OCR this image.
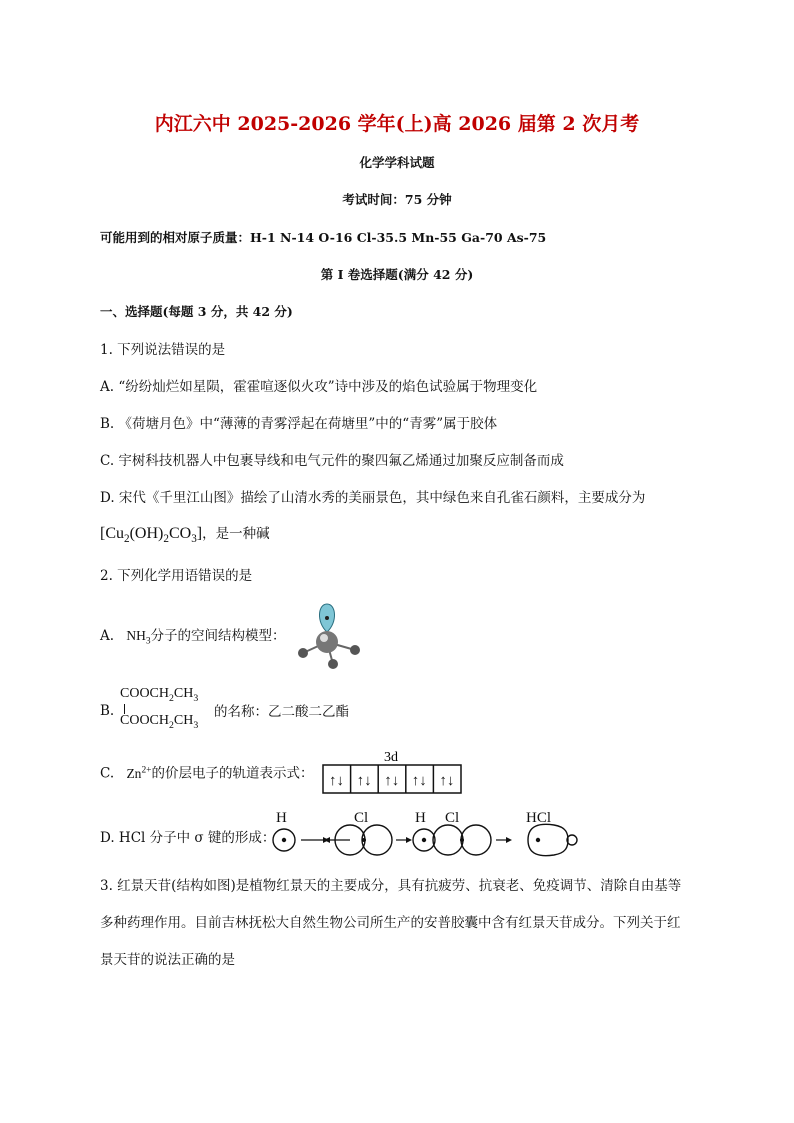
内江六中 2025-2026 学年(上)高 2026 届第 2 次月考
化学学科试题
考试时间：75 分钟
可能用到的相对原子质量：H-1 N-14 O-16 Cl-35.5 Mn-55 Ga-70 As-75
第 I 卷选择题(满分 42 分)
一、选择题(每题 3 分，共 42 分)
1. 下列说法错误的是
A. “纷纷灿烂如星陨，霍霍喧逐似火攻”诗中涉及的焰色试验属于物理变化
B. 《荷塘月色》中“薄薄的青雾浮起在荷塘里”中的“青雾”属于胶体
C. 宇树科技机器人中包裹导线和电气元件的聚四氟乙烯通过加聚反应制备而成
D. 宋代《千里江山图》描绘了山清水秀的美丽景色，其中绿色来自孔雀石颜料，主要成分为
$[Cu_2(OH)_2CO_3]$，是一种碱
2. 下列化学用语错误的是
A. $NH_3$分子的空间结构模型：
B.
$COOCH_2CH_3$
$COOCH_2CH_3$
的名称：乙二酸二乙酯
C. $Zn^{2+}$的价层电子的轨道表示式：
3d
↑↓ ↑↓ ↑↓ ↑↓ ↑↓
D. HCl 分子中 σ 键的形成：
H	Cl	H Cl	HCl
3. 红景天苷(结构如图)是植物红景天的主要成分，具有抗疲劳、抗衰老、免疫调节、清除自由基等
多种药理作用。目前吉林抚松大自然生物公司所生产的安普胶囊中含有红景天苷成分。下列关于红
景天苷的说法正确的是
